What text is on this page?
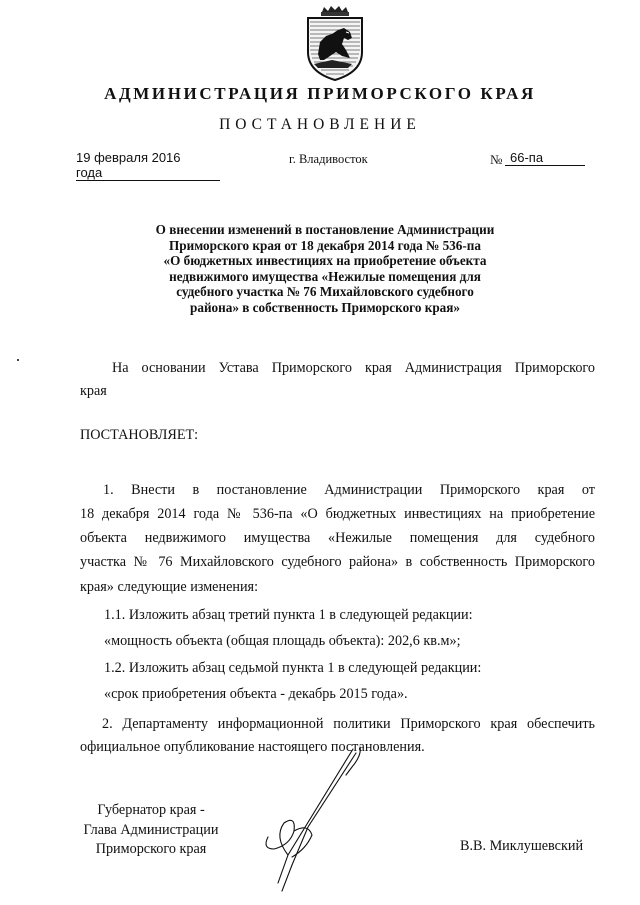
АДМИНИСТРАЦИЯ ПРИМОРСКОГО КРАЯ
ПОСТАНОВЛЕНИЕ
19 февраля 2016 года
г. Владивосток	№ 66-па
О внесении изменений в постановление Администрации
Приморского края от 18 декабря 2014 года № 536-па
«О бюджетных инвестициях на приобретение объекта
недвижимого имущества «Нежилые помещения для
судебного участка № 76 Михайловского судебного
района» в собственность Приморского края»
На основании Устава Приморского края Администрация Приморского
края
ПОСТАНОВЛЯЕТ:
1. Внести в постановление Администрации Приморского края от
18 декабря 2014 года № 536-па «О бюджетных инвестициях на приобретение
объекта недвижимого имущества «Нежилые помещения для судебного
участка № 76 Михайловского судебного района» в собственность Приморского
края» следующие изменения:
1.1. Изложить абзац третий пункта 1 в следующей редакции:
«мощность объекта (общая площадь объекта): 202,6 кв.м»;
1.2. Изложить абзац седьмой пункта 1 в следующей редакции:
«срок приобретения объекта - декабрь 2015 года».
2. Департаменту информационной политики Приморского края обеспечить
официальное опубликование настоящего постановления.
Губернатор края -
Глава Администрации
Приморского края	В.В. Миклушевский
